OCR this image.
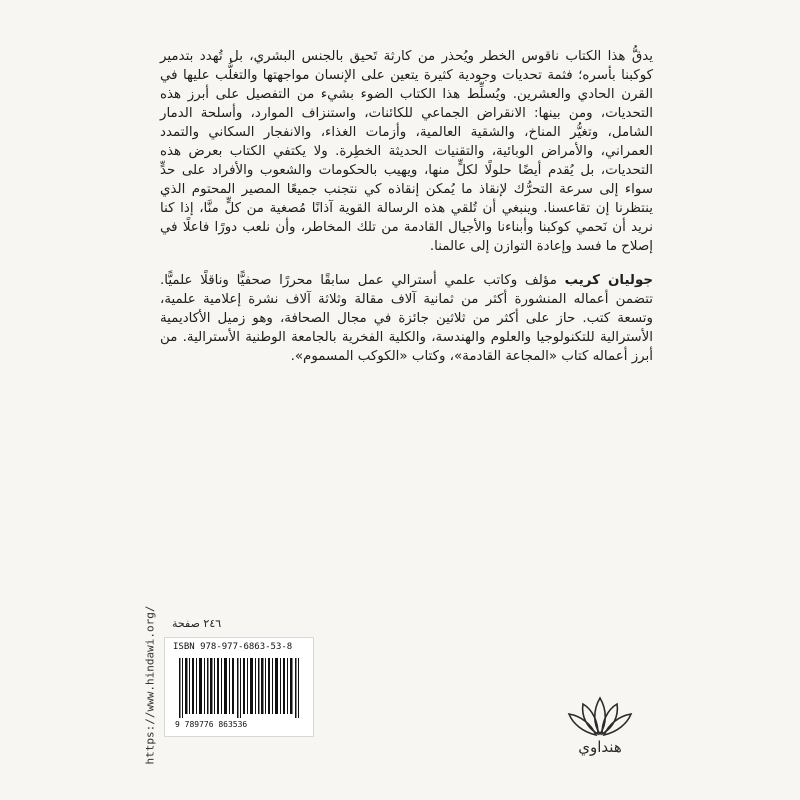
يدقُّ هذا الكتاب ناقوس الخطر ويُحذر من كارثة تَحيق بالجنس البشري، بل تُهدد بتدمير كوكبنا بأسره؛ فثمة تحديات وجودية كثيرة يتعين على الإنسان مواجهتها والتغلُّب عليها في القرن الحادي والعشرين. ويُسلِّط هذا الكتاب الضوء بشيء من التفصيل على أبرز هذه التحديات، ومن بينها: الانقراض الجماعي للكائنات، واستنزاف الموارد، وأسلحة الدمار الشامل، وتغيُّر المناخ، والشقية العالمية، وأزمات الغذاء، والانفجار السكاني والتمدد العمراني، والأمراض الوبائية، والتقنيات الحديثة الخطِرة. ولا يكتفي الكتاب بعرض هذه التحديات، بل يُقدم أيضًا حلولًا لكلٍّ منها، ويهيب بالحكومات والشعوب والأفراد على حدٍّ سواء إلى سرعة التحرُّك لإنقاذ ما يُمكن إنقاذه كي نتجنب جميعًا المصير المحتوم الذي ينتظرنا إن تقاعسنا. وينبغي أن تُلقي هذه الرسالة القوية آذانًا مُصغية من كلٍّ منَّا، إذا كنا نريد أن نَحمي كوكبنا وأبناءنا والأجيال القادمة من تلك المخاطر، وأن نلعب دورًا فاعلًا في إصلاح ما فسد وإعادة التوازن إلى عالمنا.

جوليان كريب مؤلف وكاتب علمي أسترالي عمل سابقًا محررًا صحفيًّا وناقلًا علميًّا. تتضمن أعماله المنشورة أكثر من ثمانية آلاف مقالة وثلاثة آلاف نشرة إعلامية علمية، وتسعة كتب. حاز على أكثر من ثلاثين جائزة في مجال الصحافة، وهو زميل الأكاديمية الأسترالية للتكنولوجيا والعلوم والهندسة، والكلية الفخرية بالجامعة الوطنية الأسترالية. من أبرز أعماله كتاب «المجاعة القادمة»، وكتاب «الكوكب المسموم».

https://www.hindawi.org/ ٢٤٦ صفحة
ISBN 978-977-6863-53-8
9 789776 863536
هنداوي
